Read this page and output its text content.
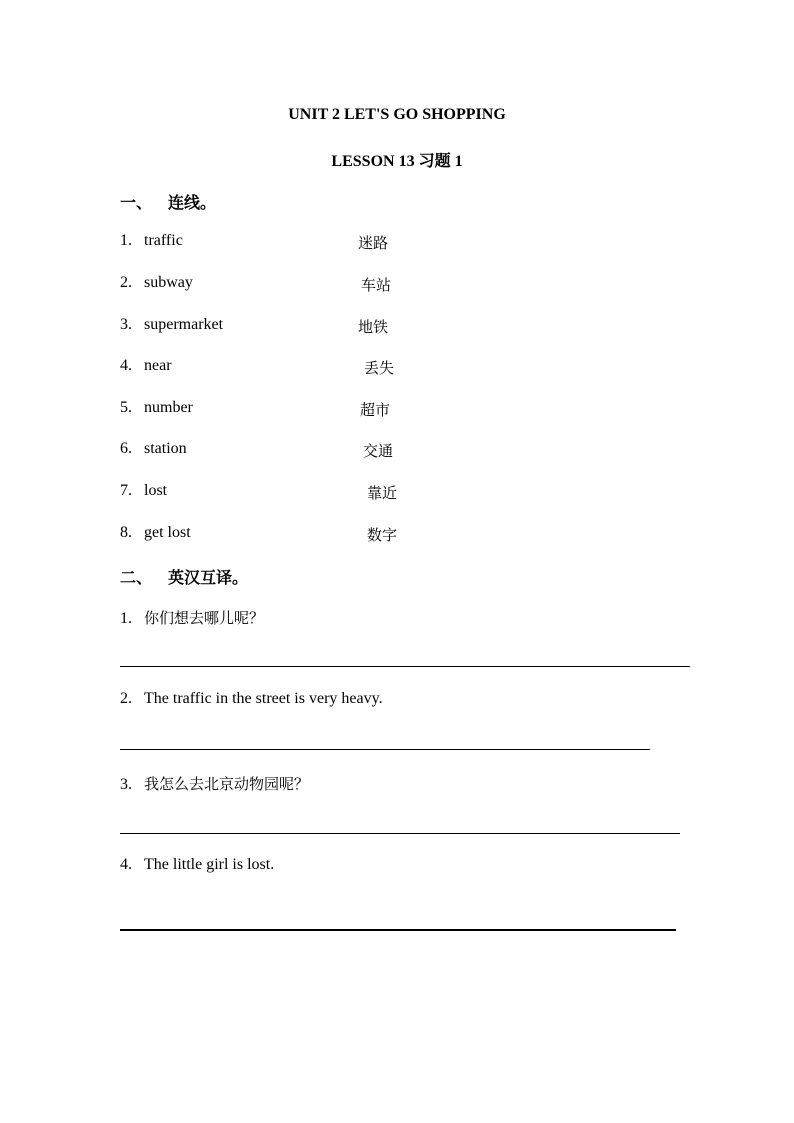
UNIT 2 LET'S GO SHOPPING
LESSON 13 习题 1
一、 连线。
1. traffic	迷路
2. subway	车站
3. supermarket	地铁
4. near	丢失
5. number	超市
6. station	交通
7. lost	靠近
8. get lost	数字
二、 英汉互译。
1. 你们想去哪儿呢？
2. The traffic in the street is very heavy.
3. 我怎么去北京动物园呢？
4. The little girl is lost.
